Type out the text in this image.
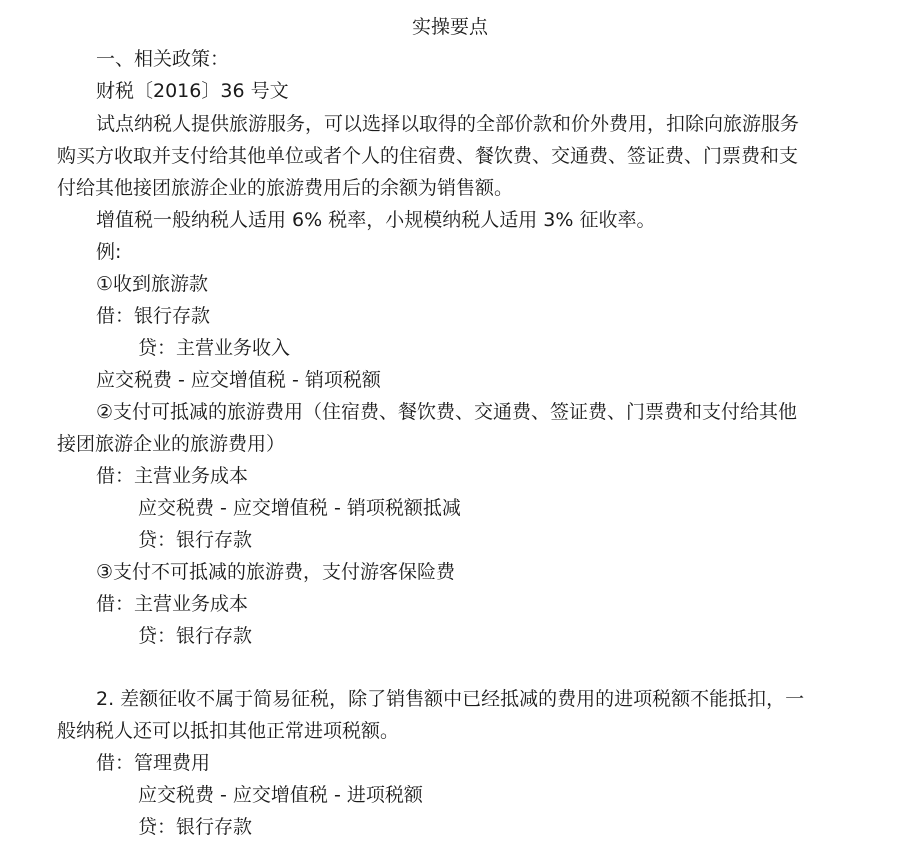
实操要点
一、相关政策：
财税〔2016〕36 号文
试点纳税人提供旅游服务，可以选择以取得的全部价款和价外费用，扣除向旅游服务
购买方收取并支付给其他单位或者个人的住宿费、餐饮费、交通费、签证费、门票费和支
付给其他接团旅游企业的旅游费用后的余额为销售额。
增值税一般纳税人适用 6% 税率，小规模纳税人适用 3% 征收率。
例:
①收到旅游款
借：银行存款
贷：主营业务收入
应交税费 - 应交增值税 - 销项税额
②支付可抵减的旅游费用（住宿费、餐饮费、交通费、签证费、门票费和支付给其他
接团旅游企业的旅游费用）
借：主营业务成本
应交税费 - 应交增值税 - 销项税额抵减
贷：银行存款
③支付不可抵减的旅游费，支付游客保险费
借：主营业务成本
贷：银行存款
2. 差额征收不属于简易征税，除了销售额中已经抵减的费用的进项税额不能抵扣，一
般纳税人还可以抵扣其他正常进项税额。
借：管理费用
应交税费 - 应交增值税 - 进项税额
贷：银行存款
